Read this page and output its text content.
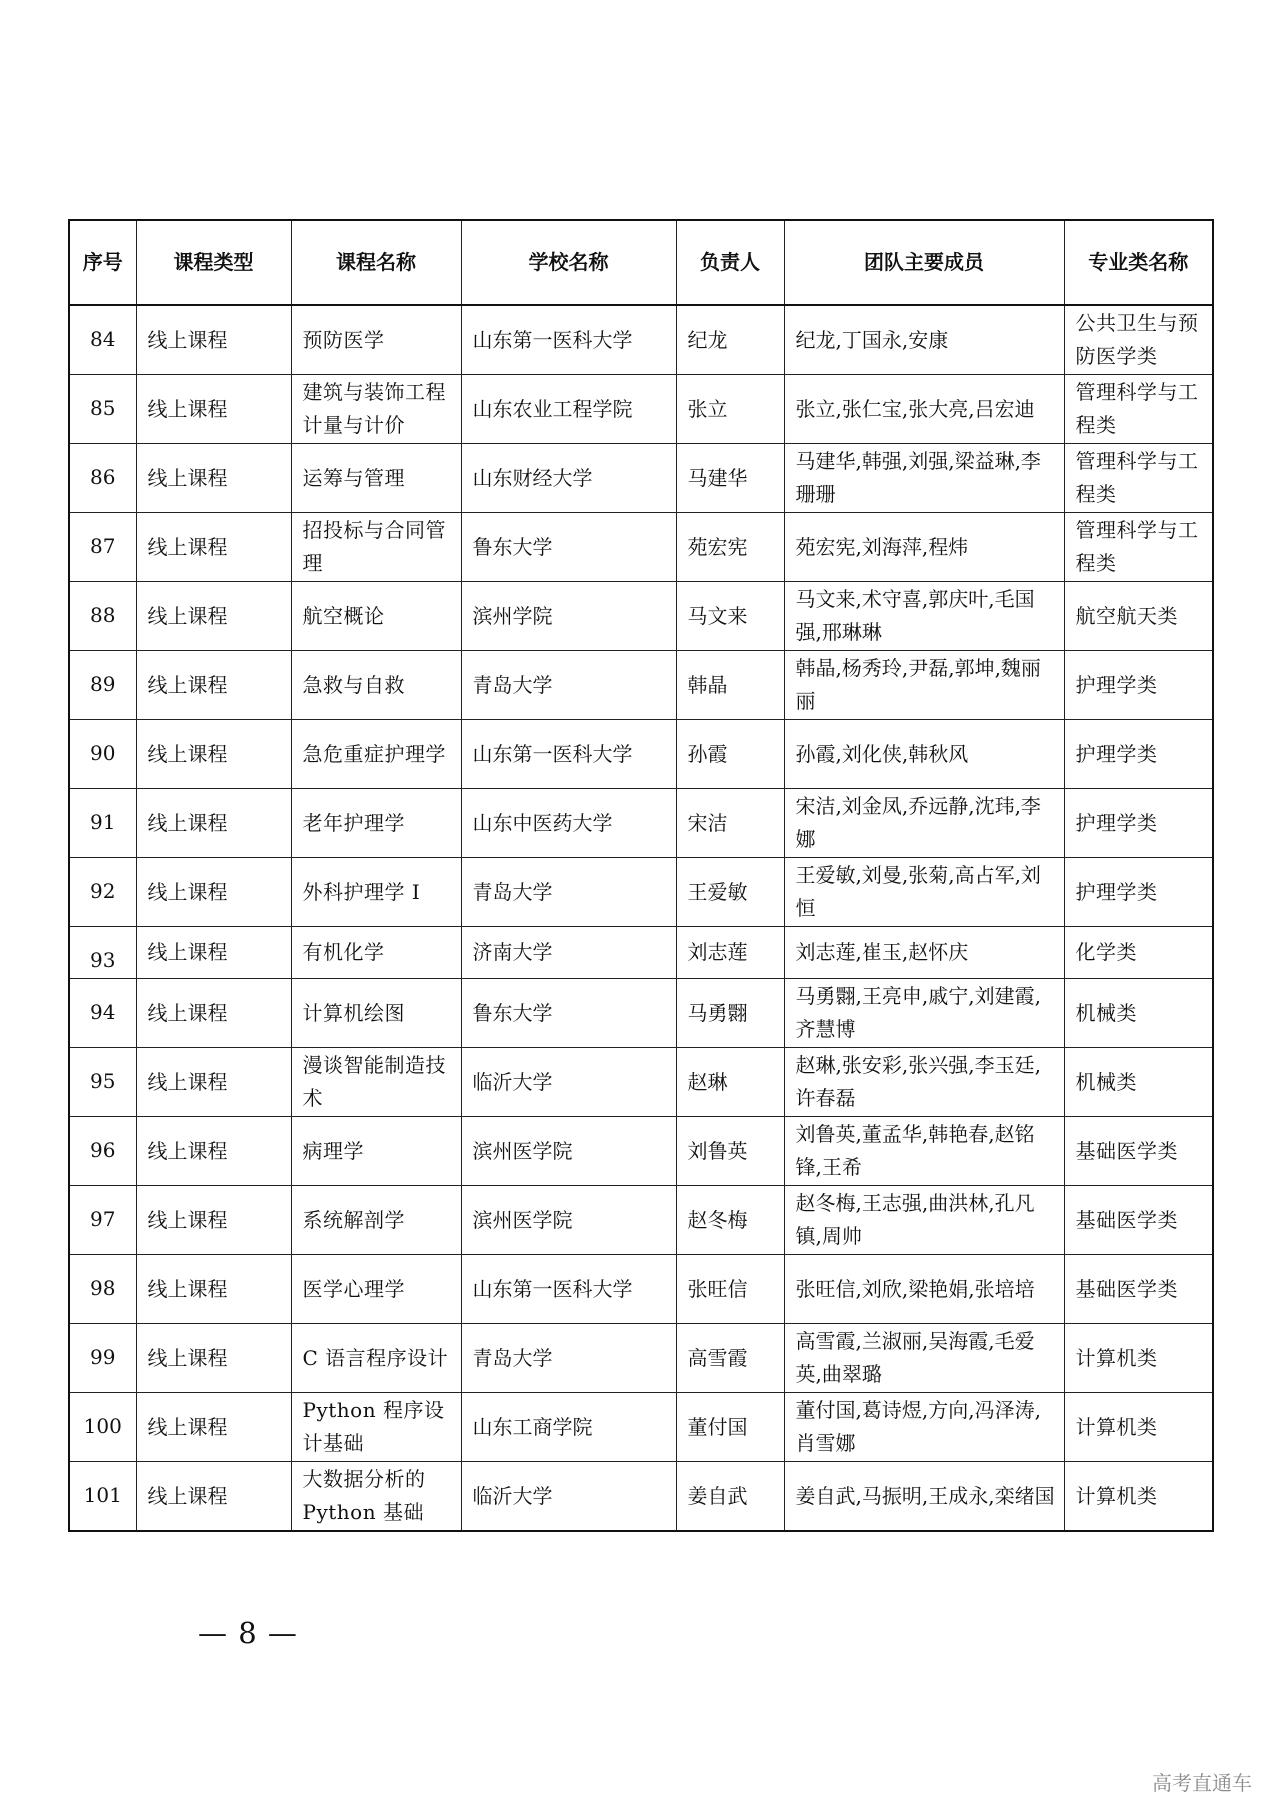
序号	课程类型	课程名称	学校名称	负责人	团队主要成员	专业类名称
84	线上课程	预防医学	山东第一医科大学	纪龙	纪龙,丁国永,安康	公共卫生与预防医学类
85	线上课程	建筑与装饰工程计量与计价	山东农业工程学院	张立	张立,张仁宝,张大亮,吕宏迪	管理科学与工程类
86	线上课程	运筹与管理	山东财经大学	马建华	马建华,韩强,刘强,梁益琳,李珊珊	管理科学与工程类
87	线上课程	招投标与合同管理	鲁东大学	苑宏宪	苑宏宪,刘海萍,程炜	管理科学与工程类
88	线上课程	航空概论	滨州学院	马文来	马文来,术守喜,郭庆叶,毛国强,邢琳琳	航空航天类
89	线上课程	急救与自救	青岛大学	韩晶	韩晶,杨秀玲,尹磊,郭坤,魏丽丽	护理学类
90	线上课程	急危重症护理学	山东第一医科大学	孙霞	孙霞,刘化侠,韩秋风	护理学类
91	线上课程	老年护理学	山东中医药大学	宋洁	宋洁,刘金凤,乔远静,沈玮,李娜	护理学类
92	线上课程	外科护理学 I	青岛大学	王爱敏	王爱敏,刘曼,张菊,高占军,刘恒	护理学类
93	线上课程	有机化学	济南大学	刘志莲	刘志莲,崔玉,赵怀庆	化学类
94	线上课程	计算机绘图	鲁东大学	马勇翾	马勇翾,王亮申,戚宁,刘建霞,齐慧博	机械类
95	线上课程	漫谈智能制造技术	临沂大学	赵琳	赵琳,张安彩,张兴强,李玉廷,许春磊	机械类
96	线上课程	病理学	滨州医学院	刘鲁英	刘鲁英,董孟华,韩艳春,赵铭锋,王希	基础医学类
97	线上课程	系统解剖学	滨州医学院	赵冬梅	赵冬梅,王志强,曲洪林,孔凡镇,周帅	基础医学类
98	线上课程	医学心理学	山东第一医科大学	张旺信	张旺信,刘欣,梁艳娟,张培培	基础医学类
99	线上课程	C 语言程序设计	青岛大学	高雪霞	高雪霞,兰淑丽,吴海霞,毛爱英,曲翠璐	计算机类
100	线上课程	Python 程序设计基础	山东工商学院	董付国	董付国,葛诗煜,方向,冯泽涛,肖雪娜	计算机类
101	线上课程	大数据分析的 Python 基础	临沂大学	姜自武	姜自武,马振明,王成永,栾绪国	计算机类
— 8 —
高考直通车
